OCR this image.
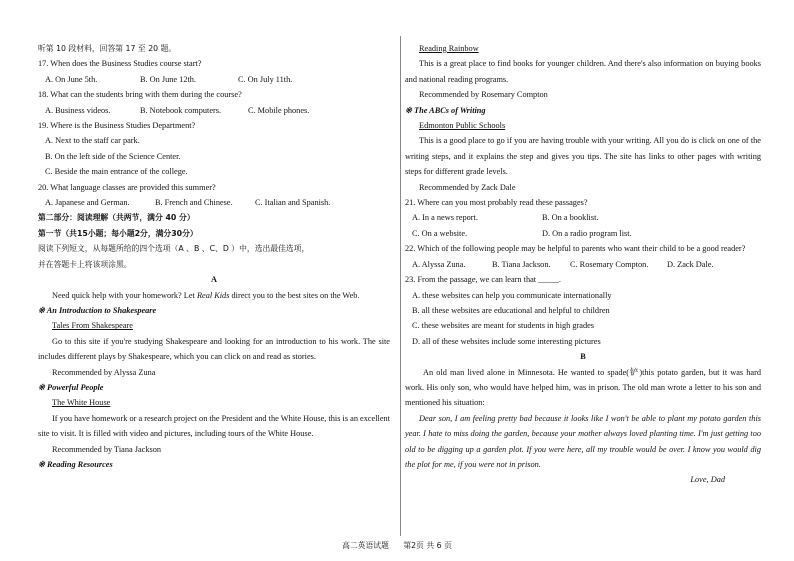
听第 10 段材料，回答第 17 至 20 题。
17. When does the Business Studies course start?
A. On June 5th.	B. On June 12th.	C. On July 11th.
18. What can the students bring with them during the course?
A. Business videos.	B. Notebook computers.	C. Mobile phones.
19. Where is the Business Studies Department?
A. Next to the staff car park.
B. On the left side of the Science Center.
C. Beside the main entrance of the college.
20. What language classes are provided this summer?
A. Japanese and German.	B. French and Chinese.	C. Italian and Spanish.
第二部分：阅读理解（共两节，满分 40 分）
第一节（共15小题；每小题2分，满分30分）
阅读下列短文，从每题所给的四个选项（A 、B 、C、D ）中，选出最佳选项，
并在答题卡上将该项涂黑。
A
Need quick help with your homework? Let Real Kids direct you to the best sites on the Web.
※ An Introduction to Shakespeare
Tales From Shakespeare
Go to this site if you're studying Shakespeare and looking for an introduction to his work. The site includes different plays by Shakespeare, which you can click on and read as stories.
Recommended by Alyssa Zuna
※ Powerful People
The White House
If you have homework or a research project on the President and the White House, this is an excellent site to visit. It is filled with video and pictures, including tours of the White House.
Recommended by Tiana Jackson
※ Reading Resources
Reading Rainbow
This is a great place to find books for younger children. And there's also information on buying books and national reading programs.
Recommended by Rosemary Compton
※ The ABCs of Writing
Edmonton Public Schools
This is a good place to go if you are having trouble with your writing. All you do is click on one of the writing steps, and it explains the step and gives you tips. The site has links to other pages with writing steps for different grade levels.
Recommended by Zack Dale
21. Where can you most probably read these passages?
A. In a news report.	B. On a booklist.
C. On a website.	D. On a radio program list.
22. Which of the following people may be helpful to parents who want their child to be a good reader?
A. Alyssa Zuna.	B. Tiana Jackson.	C. Rosemary Compton.	D. Zack Dale.
23. From the passage, we can learn that _____.
A. these websites can help you communicate internationally
B. all these websites are educational and helpful to children
C. these websites are meant for students in high grades
D. all of these websites include some interesting pictures
B
An old man lived alone in Minnesota. He wanted to spade(铲)this potato garden, but it was hard work. His only son, who would have helped him, was in prison. The old man wrote a letter to his son and mentioned his situation:
Dear son, I am feeling pretty bad because it looks like I won't be able to plant my potato garden this year. I hate to miss doing the garden, because your mother always loved planting time. I'm just getting too old to be digging up a garden plot. If you were here, all my trouble would be over. I know you would dig the plot for me, if you were not in prison.
Love, Dad
高二英语试题 第2页 共 6 页
